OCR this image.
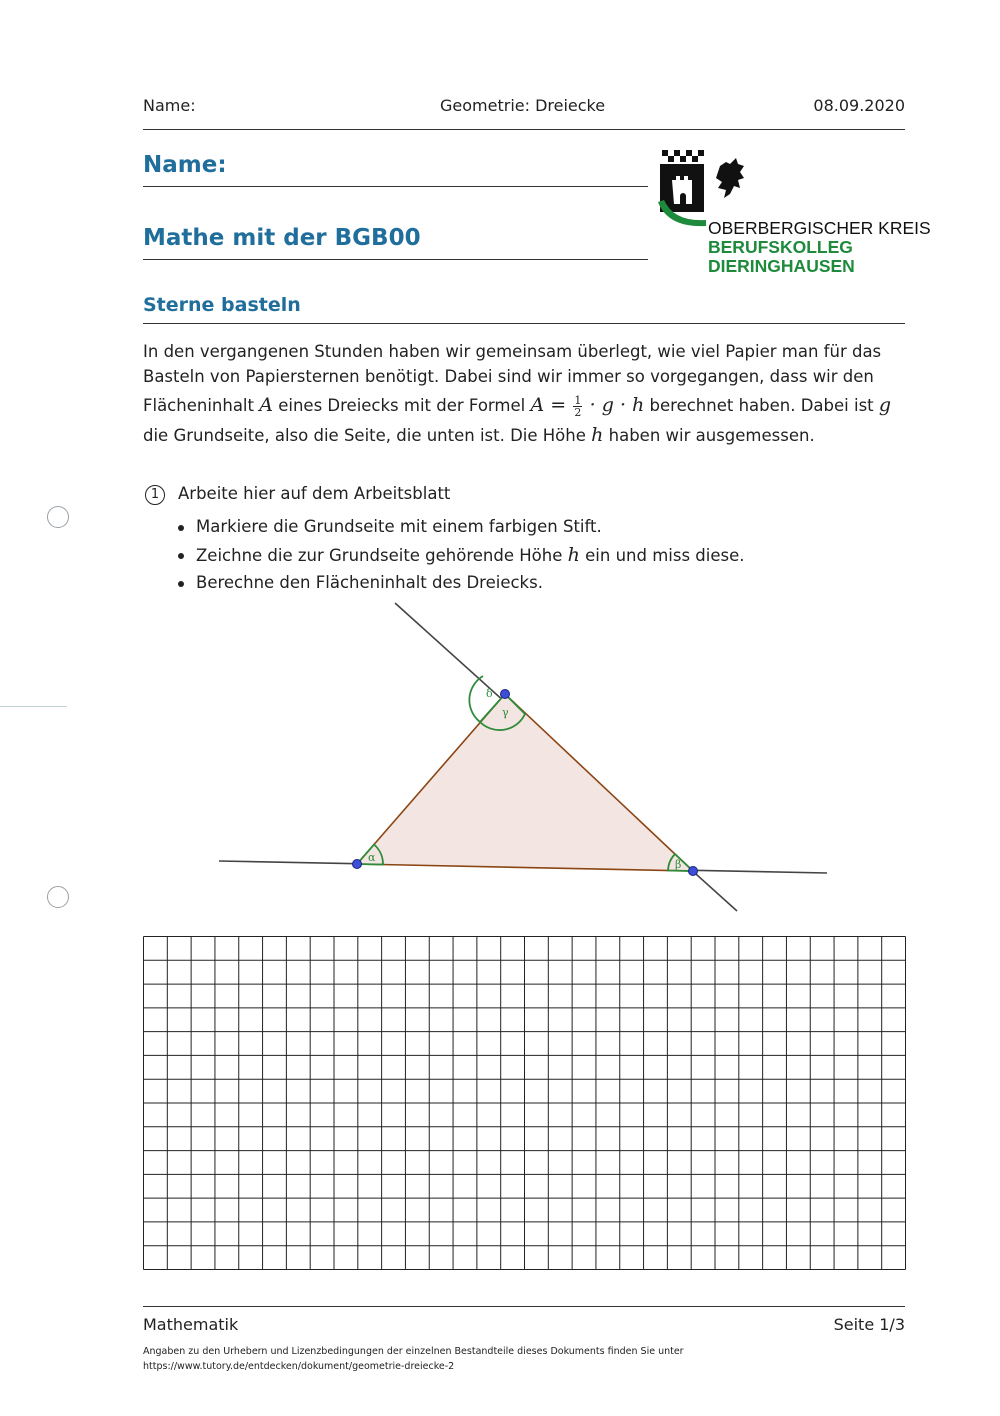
Name:	Geometrie: Dreiecke	08.09.2020
Name:
Mathe mit der BGB00	OBERBERGISCHER KREIS
BERUFSKOLLEG
DIERINGHAUSEN
Sterne basteln
In den vergangenen Stunden haben wir gemeinsam überlegt, wie viel Papier man für das
Basteln von Papiersternen benötigt. Dabei sind wir immer so vorgegangen, dass wir den
Flächeninhalt A eines Dreiecks mit der Formel $A = \frac{1}{2} \cdot g \cdot h$ berechnet haben. Dabei ist g
die Grundseite, also die Seite, die unten ist. Die Höhe h haben wir ausgemessen.
1	Arbeite hier auf dem Arbeitsblatt
Markiere die Grundseite mit einem farbigen Stift.
Zeichne die zur Grundseite gehörende Höhe h ein und miss diese.
Berechne den Flächeninhalt des Dreiecks.
α
β
γ
δ
Mathematik	Seite 1/3
Angaben zu den Urhebern und Lizenzbedingungen der einzelnen Bestandteile dieses Dokuments finden Sie unter
https://www.tutory.de/entdecken/dokument/geometrie-dreiecke-2
